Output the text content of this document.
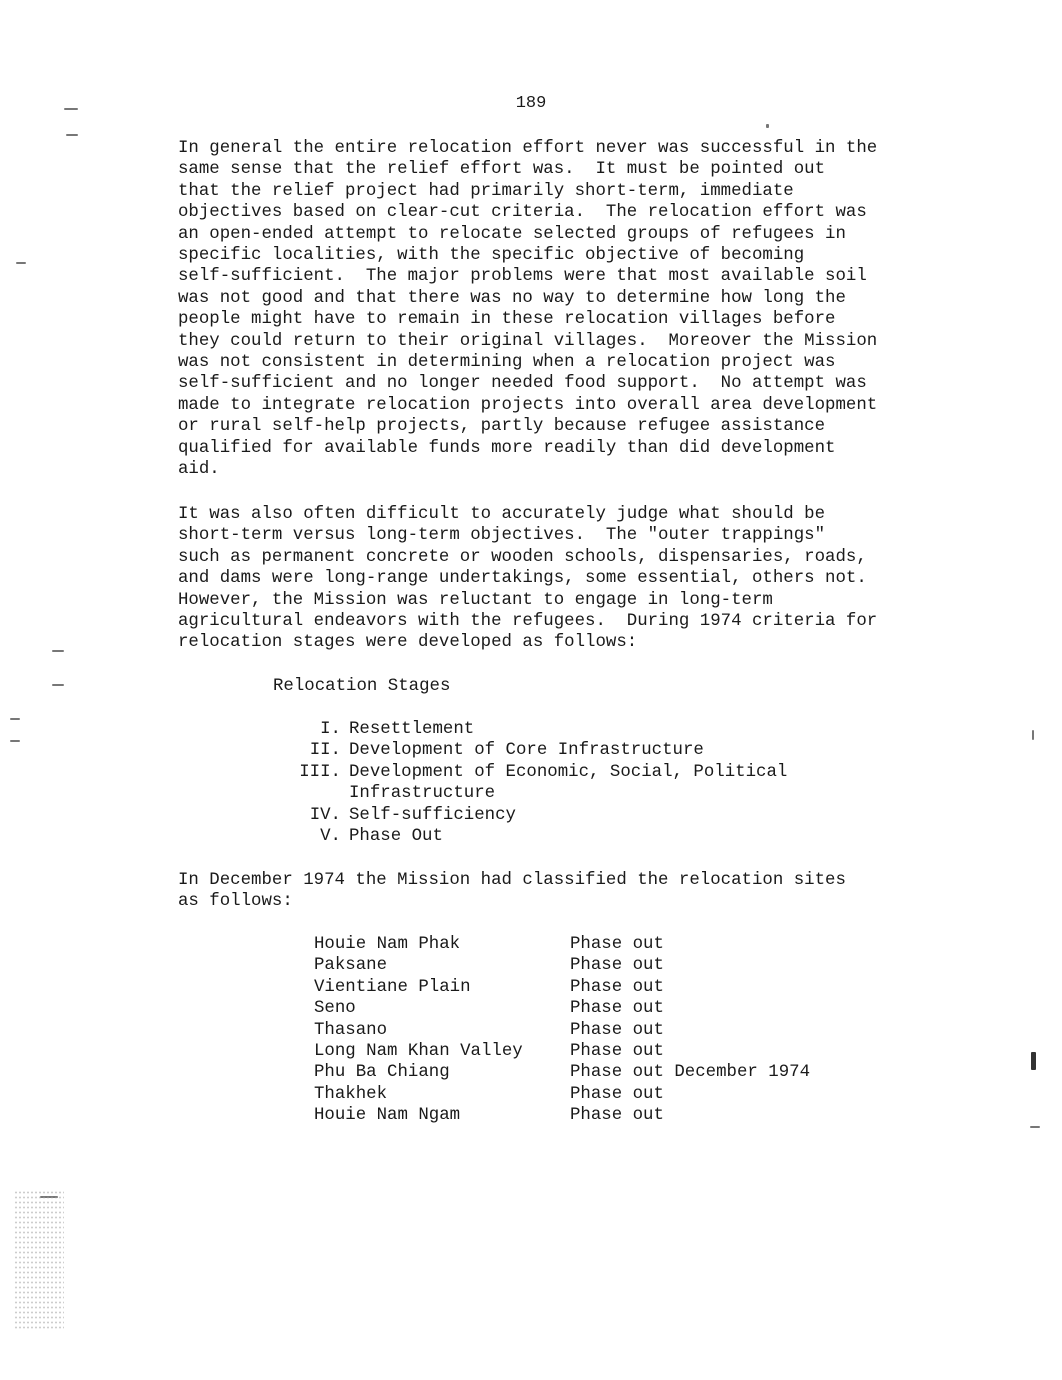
189
In general the entire relocation effort never was successful in the
same sense that the relief effort was.  It must be pointed out
that the relief project had primarily short-term, immediate
objectives based on clear-cut criteria.  The relocation effort was
an open-ended attempt to relocate selected groups of refugees in
specific localities, with the specific objective of becoming
self-sufficient.  The major problems were that most available soil
was not good and that there was no way to determine how long the
people might have to remain in these relocation villages before
they could return to their original villages.  Moreover the Mission
was not consistent in determining when a relocation project was
self-sufficient and no longer needed food support.  No attempt was
made to integrate relocation projects into overall area development
or rural self-help projects, partly because refugee assistance
qualified for available funds more readily than did development
aid.
It was also often difficult to accurately judge what should be
short-term versus long-term objectives.  The "outer trappings"
such as permanent concrete or wooden schools, dispensaries, roads,
and dams were long-range undertakings, some essential, others not.
However, the Mission was reluctant to engage in long-term
agricultural endeavors with the refugees.  During 1974 criteria for
relocation stages were developed as follows:
Relocation Stages
I. Resettlement
II. Development of Core Infrastructure
III. Development of Economic, Social, Political
Infrastructure
IV. Self-sufficiency
V. Phase Out
In December 1974 the Mission had classified the relocation sites
as follows:
Houie Nam Phak	Phase out
Paksane	Phase out
Vientiane Plain	Phase out
Seno	Phase out
Thasano	Phase out
Long Nam Khan Valley	Phase out
Phu Ba Chiang	Phase out December 1974
Thakhek	Phase out
Houie Nam Ngam	Phase out
